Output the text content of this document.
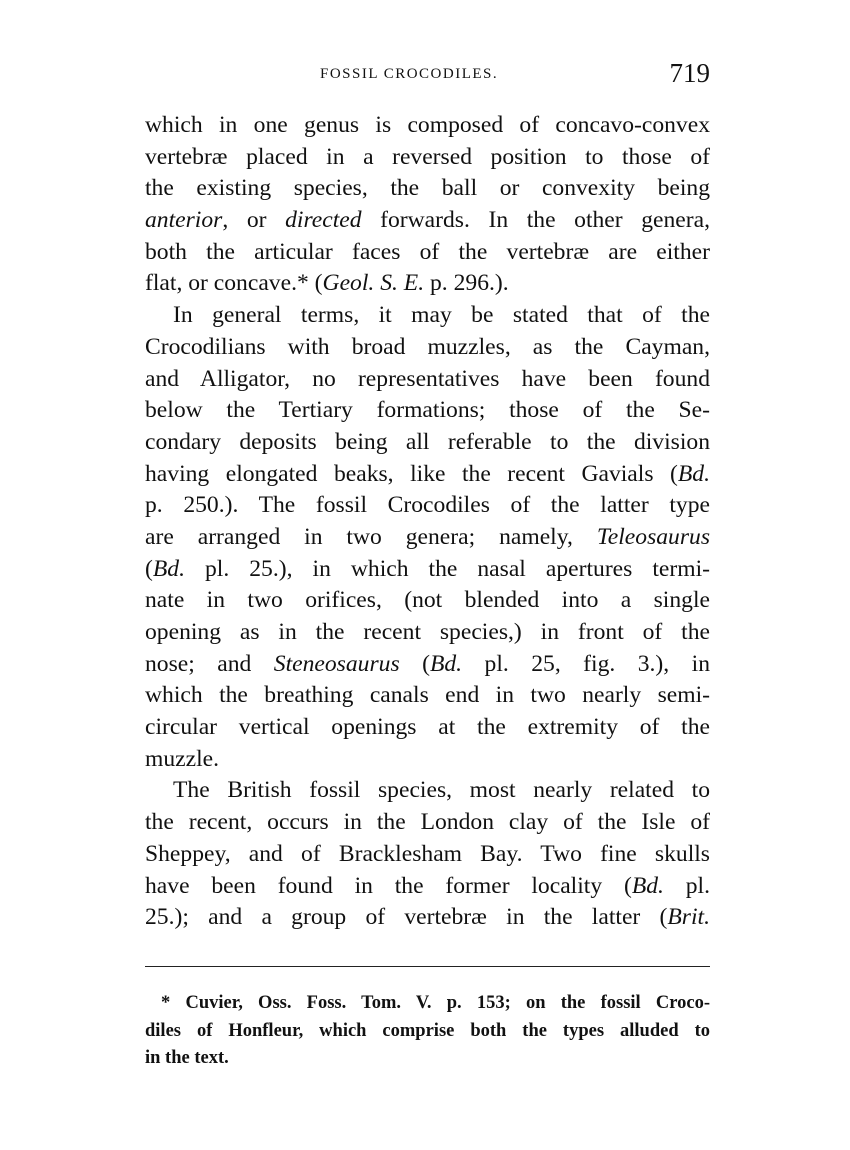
FOSSIL CROCODILES.	719
which in one genus is composed of concavo-convex
vertebræ placed in a reversed position to those of
the existing species, the ball or convexity being
anterior, or directed forwards. In the other genera,
both the articular faces of the vertebræ are either
flat, or concave.* (Geol. S. E. p. 296.).
In general terms, it may be stated that of the
Crocodilians with broad muzzles, as the Cayman,
and Alligator, no representatives have been found
below the Tertiary formations; those of the Se-
condary deposits being all referable to the division
having elongated beaks, like the recent Gavials (Bd.
p. 250.). The fossil Crocodiles of the latter type
are arranged in two genera; namely, Teleosaurus
(Bd. pl. 25.), in which the nasal apertures termi-
nate in two orifices, (not blended into a single
opening as in the recent species,) in front of the
nose; and Steneosaurus (Bd. pl. 25, fig. 3.), in
which the breathing canals end in two nearly semi-
circular vertical openings at the extremity of the
muzzle.
The British fossil species, most nearly related to
the recent, occurs in the London clay of the Isle of
Sheppey, and of Bracklesham Bay. Two fine skulls
have been found in the former locality (Bd. pl.
25.); and a group of vertebræ in the latter (Brit.
* Cuvier, Oss. Foss. Tom. V. p. 153; on the fossil Croco-
diles of Honfleur, which comprise both the types alluded to
in the text.
